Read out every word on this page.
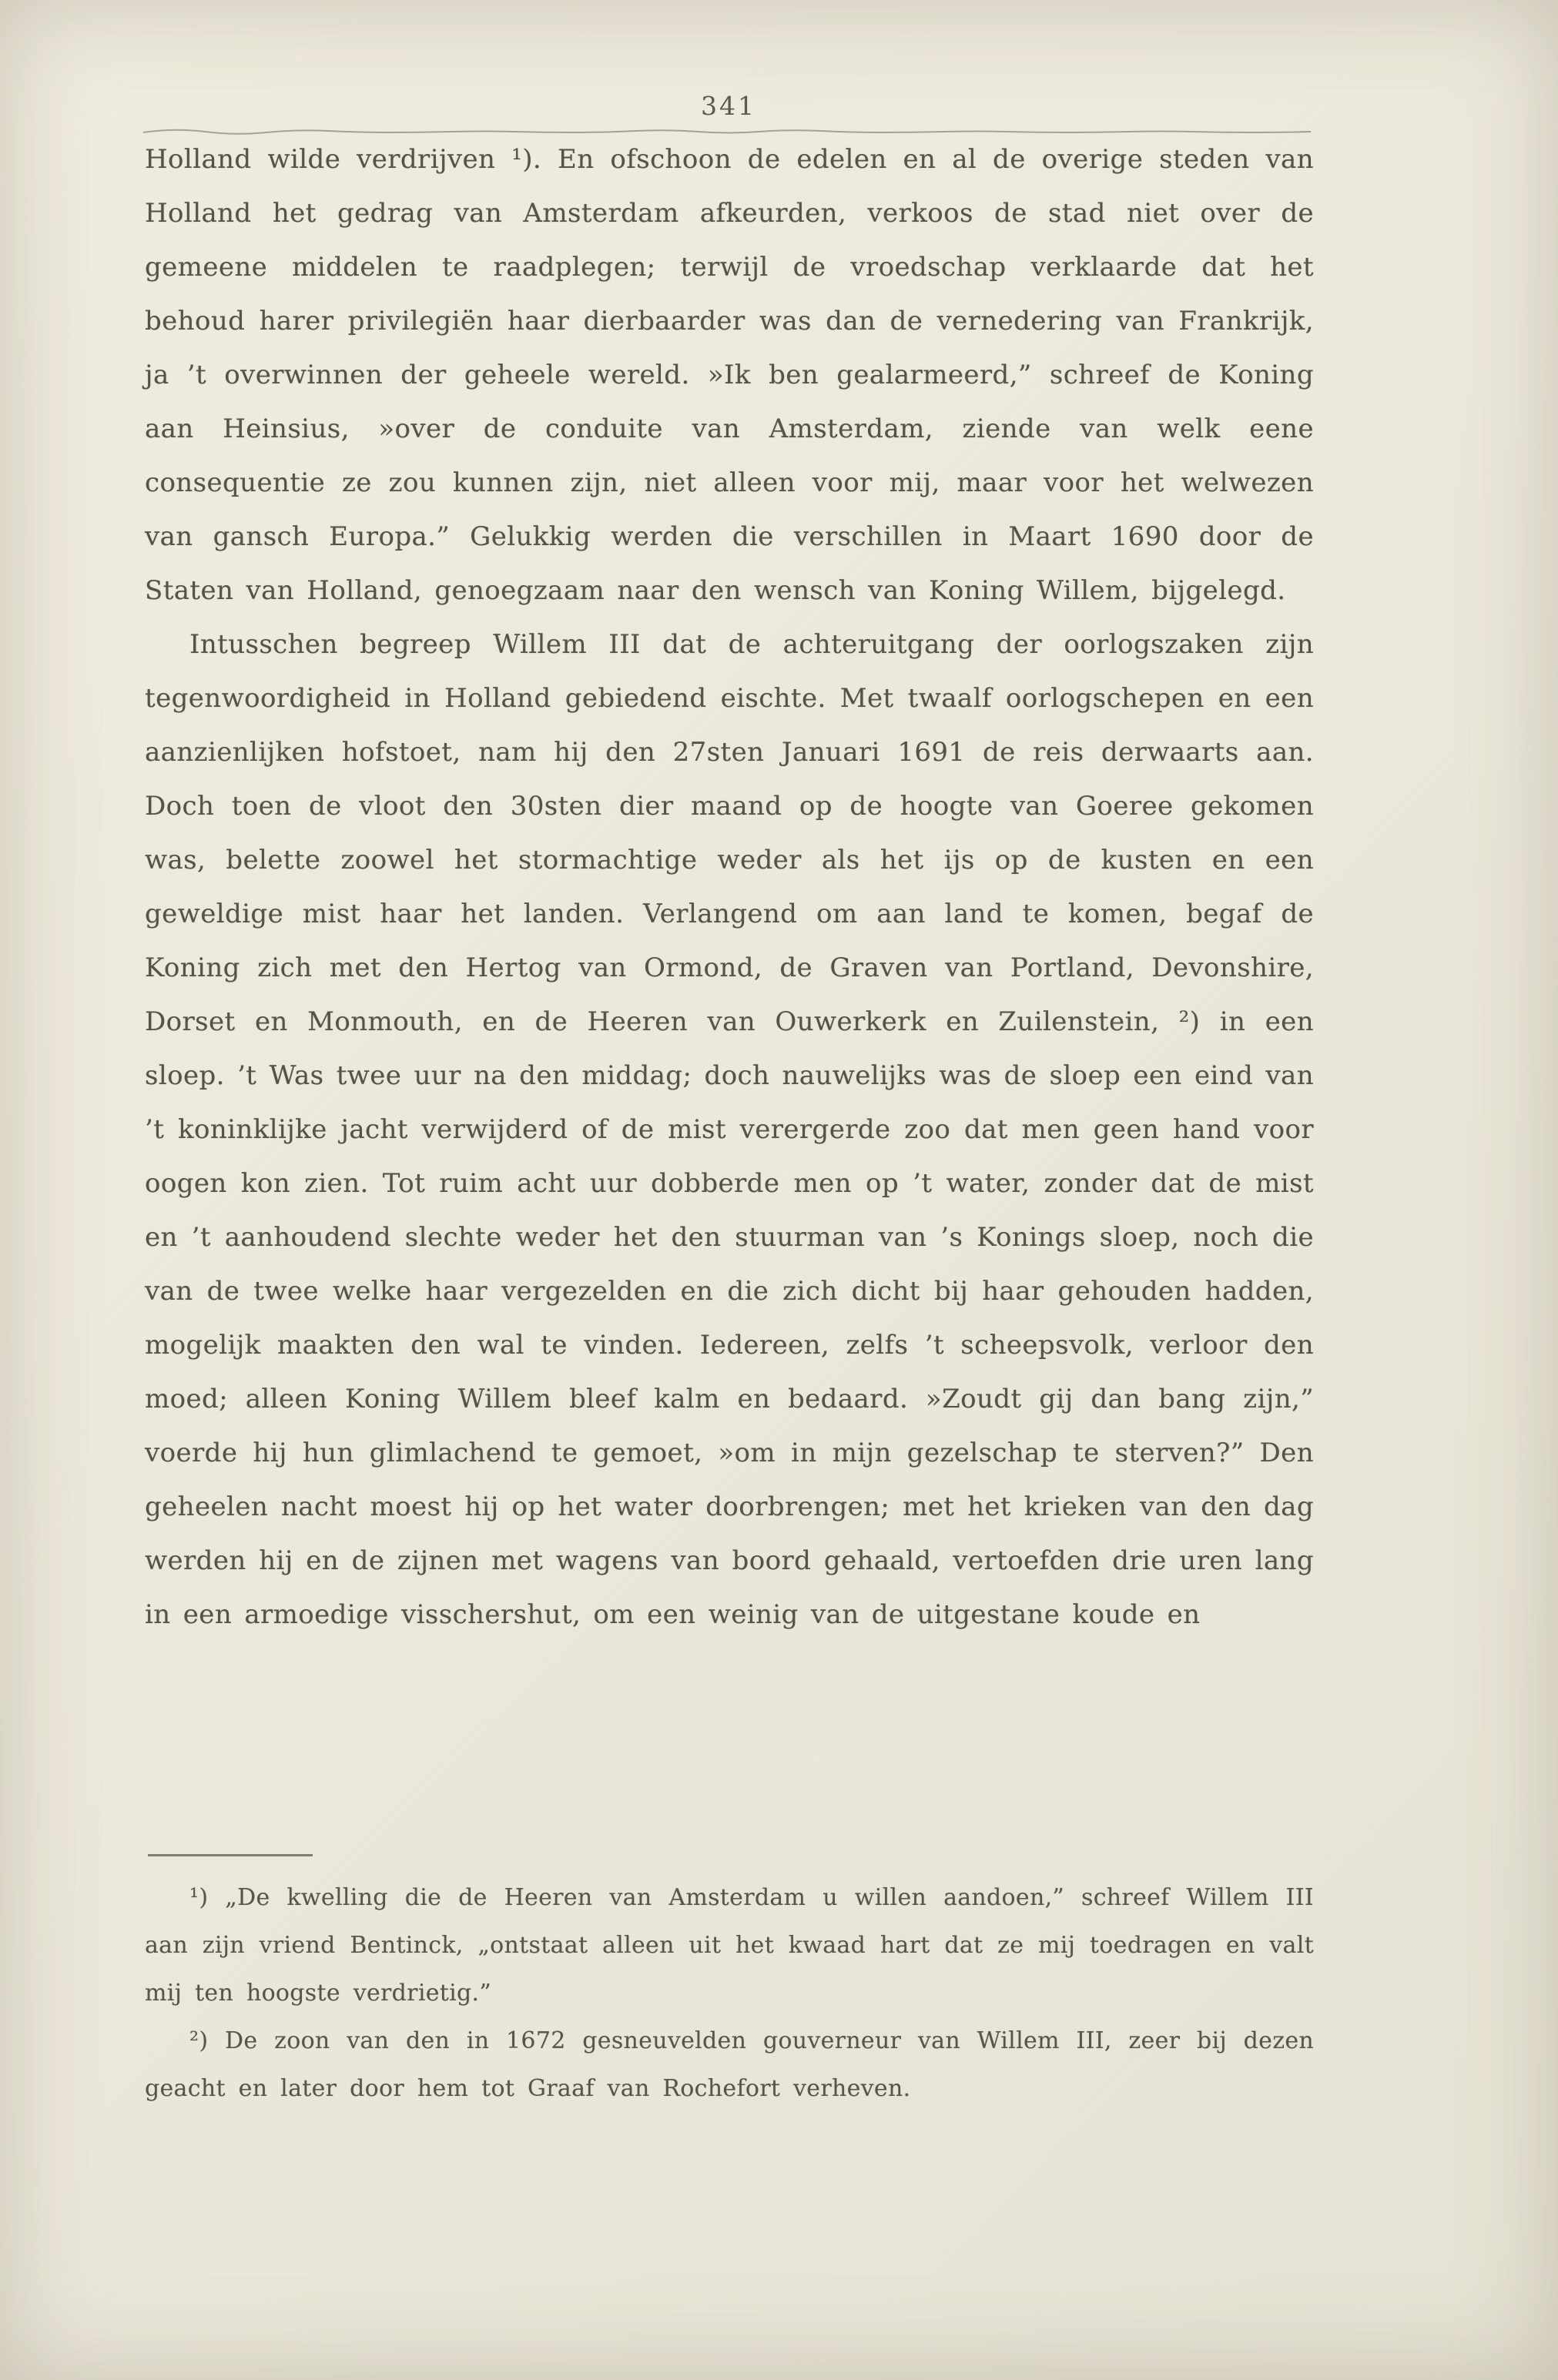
341

Holland wilde verdrijven ¹). En ofschoon de edelen en al de overige steden van Holland het gedrag van Amsterdam afkeurden, verkoos de stad niet over de gemeene middelen te raadplegen; terwijl de vroedschap verklaarde dat het behoud harer privilegiën haar dierbaarder was dan de vernedering van Frankrijk, ja ’t overwinnen der geheele wereld. »Ik ben gealarmeerd,” schreef de Koning aan Heinsius, »over de conduite van Amsterdam, ziende van welk eene consequentie ze zou kunnen zijn, niet alleen voor mij, maar voor het welwezen van gansch Europa.” Gelukkig werden die verschillen in Maart 1690 door de Staten van Holland, genoegzaam naar den wensch van Koning Willem, bijgelegd.

Intusschen begreep Willem III dat de achteruitgang der oorlogszaken zijn tegenwoordigheid in Holland gebiedend eischte. Met twaalf oorlogschepen en een aanzienlijken hofstoet, nam hij den 27sten Januari 1691 de reis derwaarts aan. Doch toen de vloot den 30sten dier maand op de hoogte van Goeree gekomen was, belette zoowel het stormachtige weder als het ijs op de kusten en een geweldige mist haar het landen. Verlangend om aan land te komen, begaf de Koning zich met den Hertog van Ormond, de Graven van Portland, Devonshire, Dorset en Monmouth, en de Heeren van Ouwerkerk en Zuilenstein, ²) in een sloep. ’t Was twee uur na den middag; doch nauwelijks was de sloep een eind van ’t koninklijke jacht verwijderd of de mist verergerde zoo dat men geen hand voor oogen kon zien. Tot ruim acht uur dobberde men op ’t water, zonder dat de mist en ’t aanhoudend slechte weder het den stuurman van ’s Konings sloep, noch die van de twee welke haar vergezelden en die zich dicht bij haar gehouden hadden, mogelijk maakten den wal te vinden. Iedereen, zelfs ’t scheepsvolk, verloor den moed; alleen Koning Willem bleef kalm en bedaard. »Zoudt gij dan bang zijn,” voerde hij hun glimlachend te gemoet, »om in mijn gezelschap te sterven?” Den geheelen nacht moest hij op het water doorbrengen; met het krieken van den dag werden hij en de zijnen met wagens van boord gehaald, vertoefden drie uren lang in een armoedige visschershut, om een weinig van de uitgestane koude en

¹) „De kwelling die de Heeren van Amsterdam u willen aandoen,” schreef Willem III aan zijn vriend Bentinck, „ontstaat alleen uit het kwaad hart dat ze mij toedragen en valt mij ten hoogste verdrietig.”

²) De zoon van den in 1672 gesneuvelden gouverneur van Willem III, zeer bij dezen geacht en later door hem tot Graaf van Rochefort verheven.
